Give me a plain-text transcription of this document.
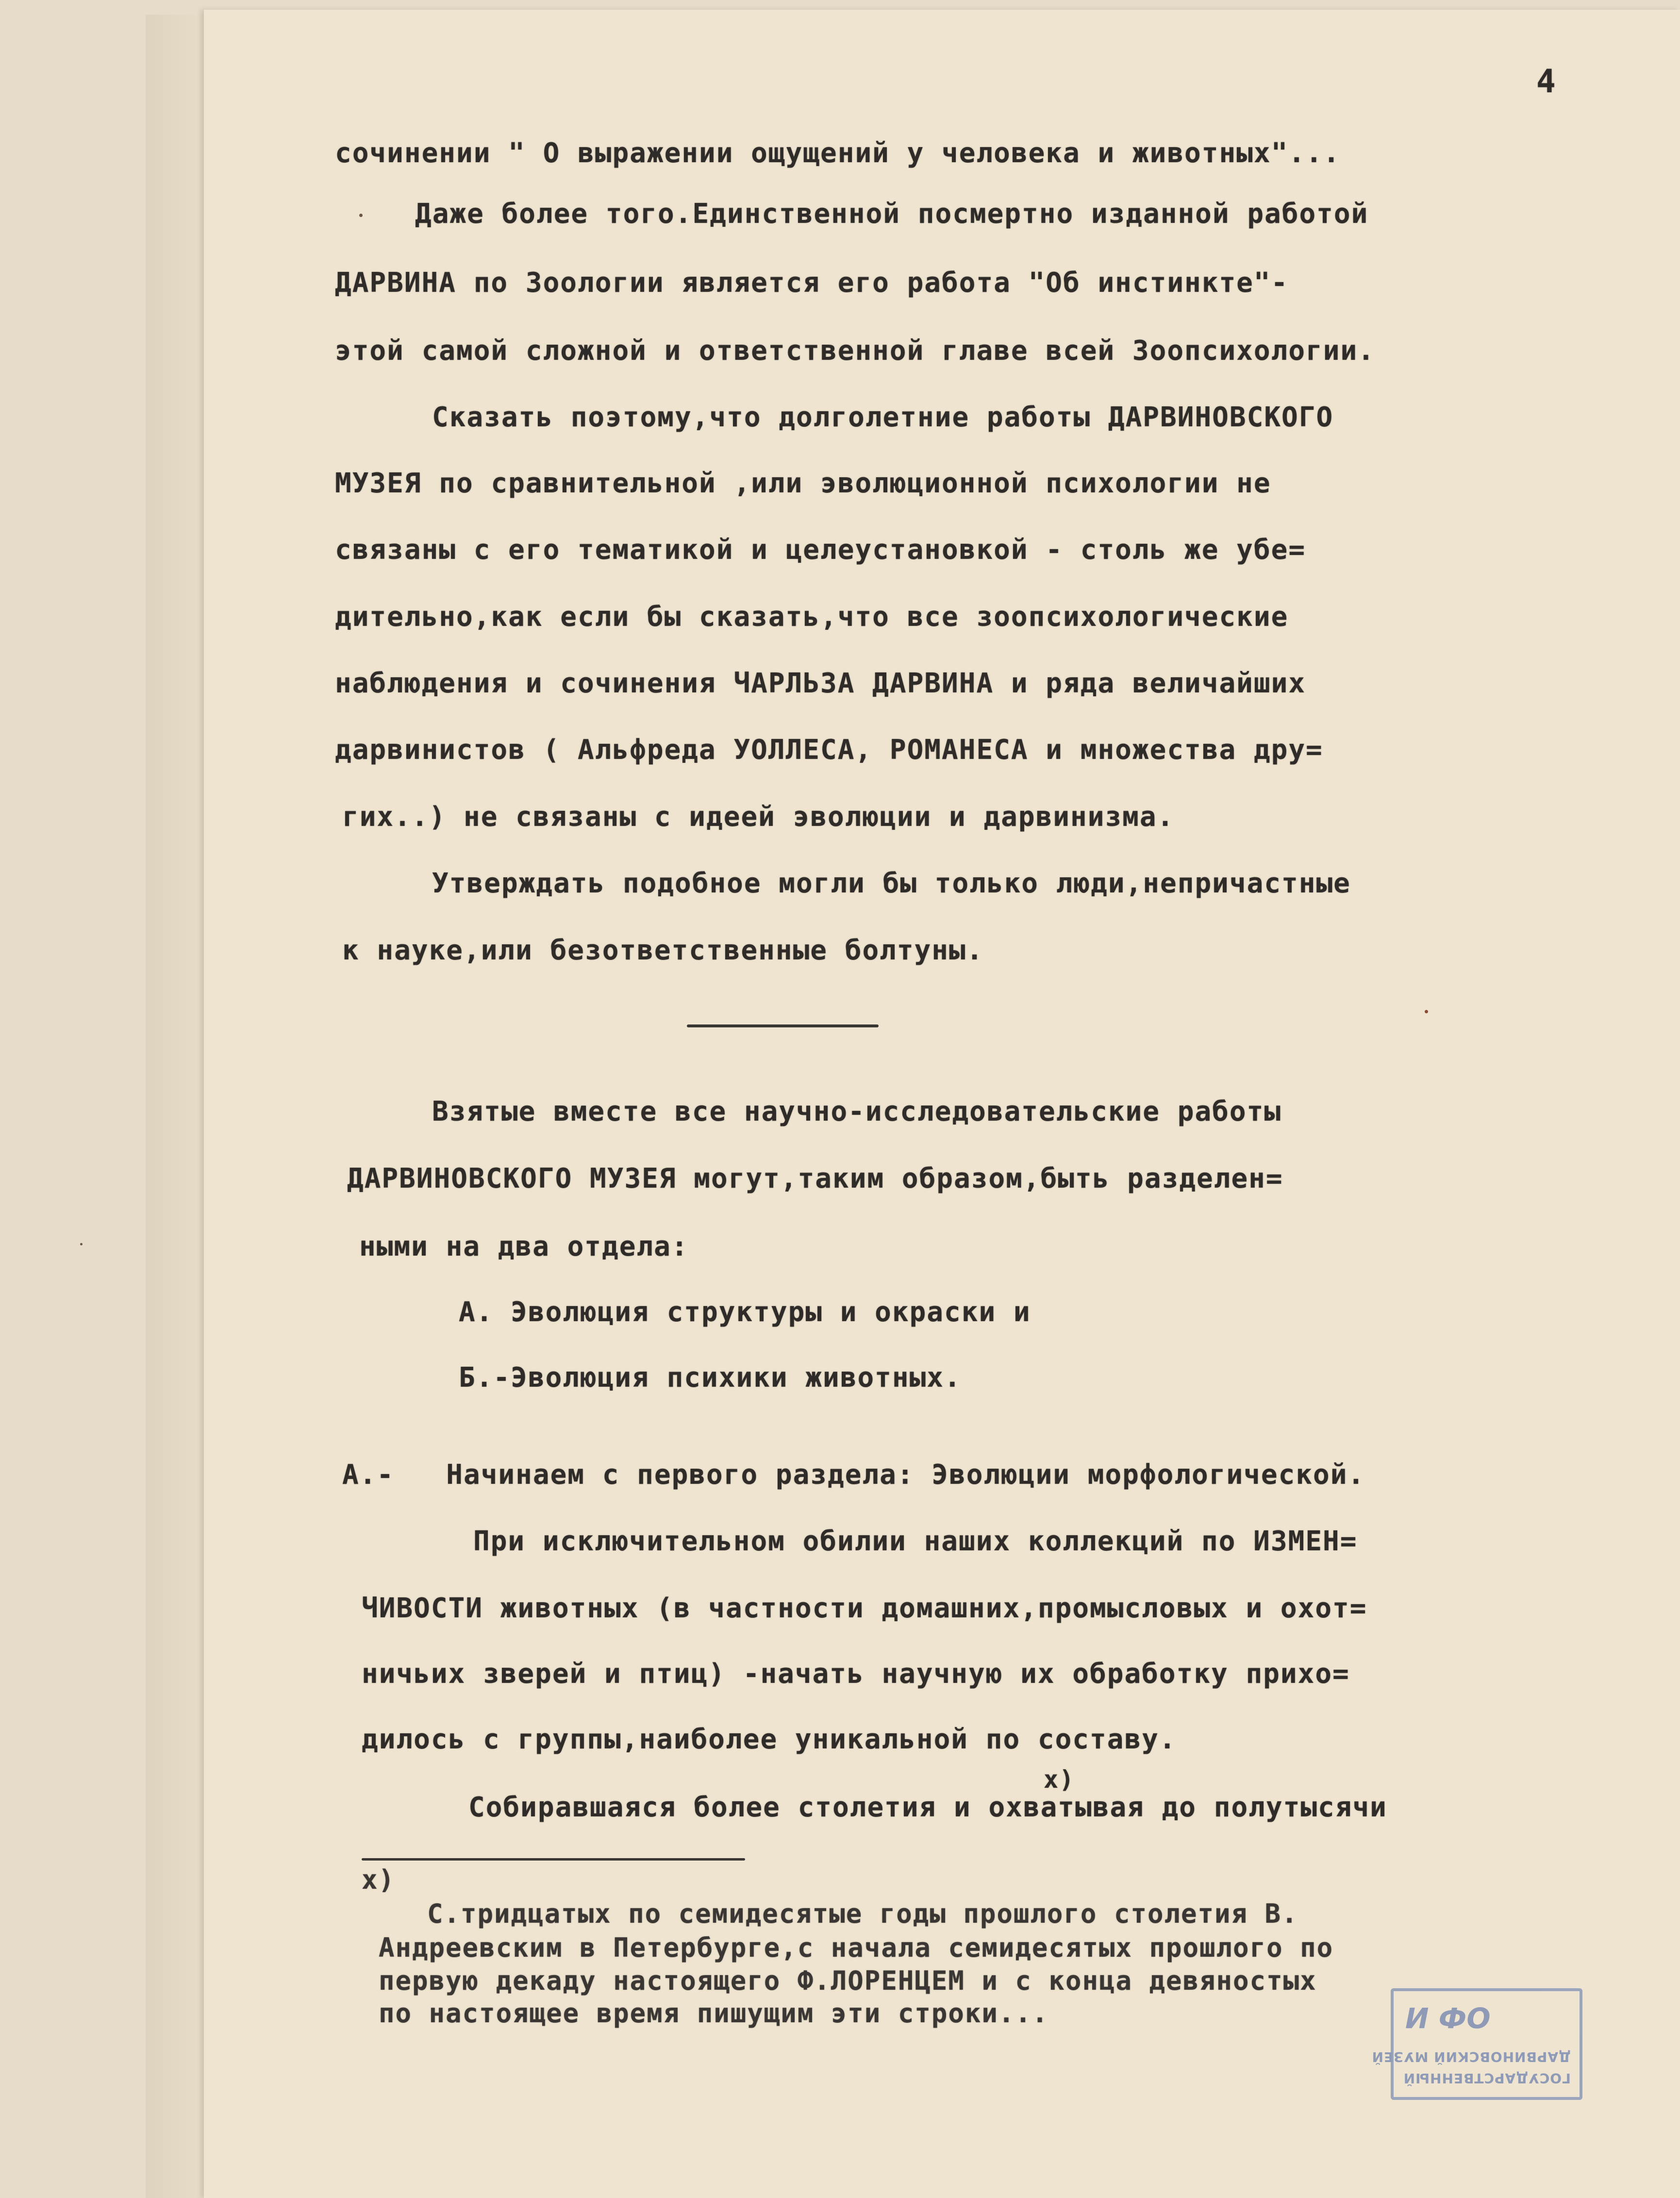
4
сочинении " О выражении ощущений у человека и животных"...
Даже более того.Единственной посмертно изданной работой
ДАРВИНА по Зоологии является его работа "Об инстинкте"-
этой самой сложной и ответственной главе всей Зоопсихологии.
Сказать поэтому,что долголетние работы ДАРВИНОВСКОГО
МУЗЕЯ по сравнительной ,или эволюционной психологии не
связаны с его тематикой и целеустановкой - столь же убе=
дительно,как если бы сказать,что все зоопсихологические
наблюдения и сочинения ЧАРЛЬЗА ДАРВИНА и ряда величайших
дарвинистов ( Альфреда УОЛЛЕСА, РОМАНЕСА и множества дру=
гих..) не связаны с идеей эволюции и дарвинизма.
Утверждать подобное могли бы только люди,непричастные
к науке,или безответственные болтуны.
Взятые вместе все научно-исследовательские работы
ДАРВИНОВСКОГО МУЗЕЯ могут,таким образом,быть разделен=
ными на два отдела:
А. Эволюция структуры и окраски и
Б.-Эволюция психики животных.
А.-   Начинаем с первого раздела: Эволюции морфологической.
При исключительном обилии наших коллекций по ИЗМЕН=
ЧИВОСТИ животных (в частности домашних,промысловых и охот=
ничьих зверей и птиц) -начать научную их обработку прихо=
дилось с группы,наиболее уникальной по составу.
х)
Собиравшаяся более столетия и охватывая до полутысячи
х)
С.тридцатых по семидесятые годы прошлого столетия В.
Андреевским в Петербурге,с начала семидесятых прошлого по
первую декаду настоящего Ф.ЛОРЕНЦЕМ и с конца девяностых
по настоящее время пишущим эти строки...
ГОСУДАРСТВЕННЫЙ
ДАРВИНОВСКИЙ МУЗЕЙ
ОФ И
